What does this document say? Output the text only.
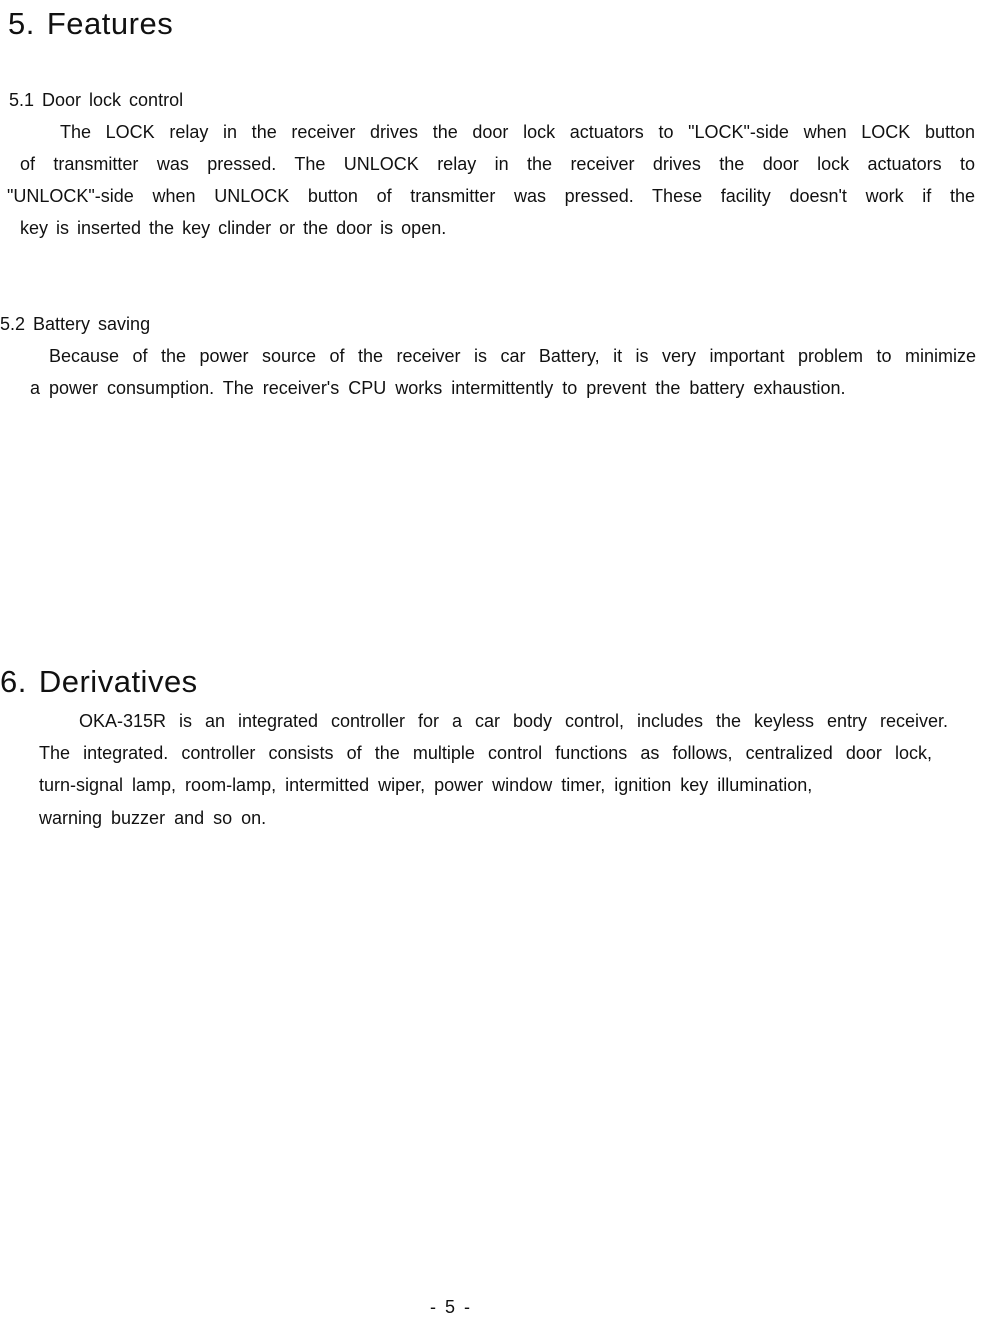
5. Features

5.1 Door lock control

The LOCK relay in the receiver drives the door lock actuators to "LOCK"-side when LOCK button

of transmitter was pressed. The UNLOCK relay in the receiver drives the door lock actuators to

"UNLOCK"-side when UNLOCK button of transmitter was pressed. These facility doesn't work if the

key is inserted the key clinder or the door is open.

5.2 Battery saving

Because of the power source of the receiver is car Battery, it is very important problem to minimize

a power consumption. The receiver's CPU works intermittently to prevent the battery exhaustion.

6. Derivatives

OKA-315R is an integrated controller for a car body control, includes the keyless entry receiver.

The integrated. controller consists of the multiple control functions as follows, centralized door lock,

turn-signal lamp, room-lamp, intermitted wiper, power window timer, ignition key illumination,

warning buzzer and so on.

- 5 -
